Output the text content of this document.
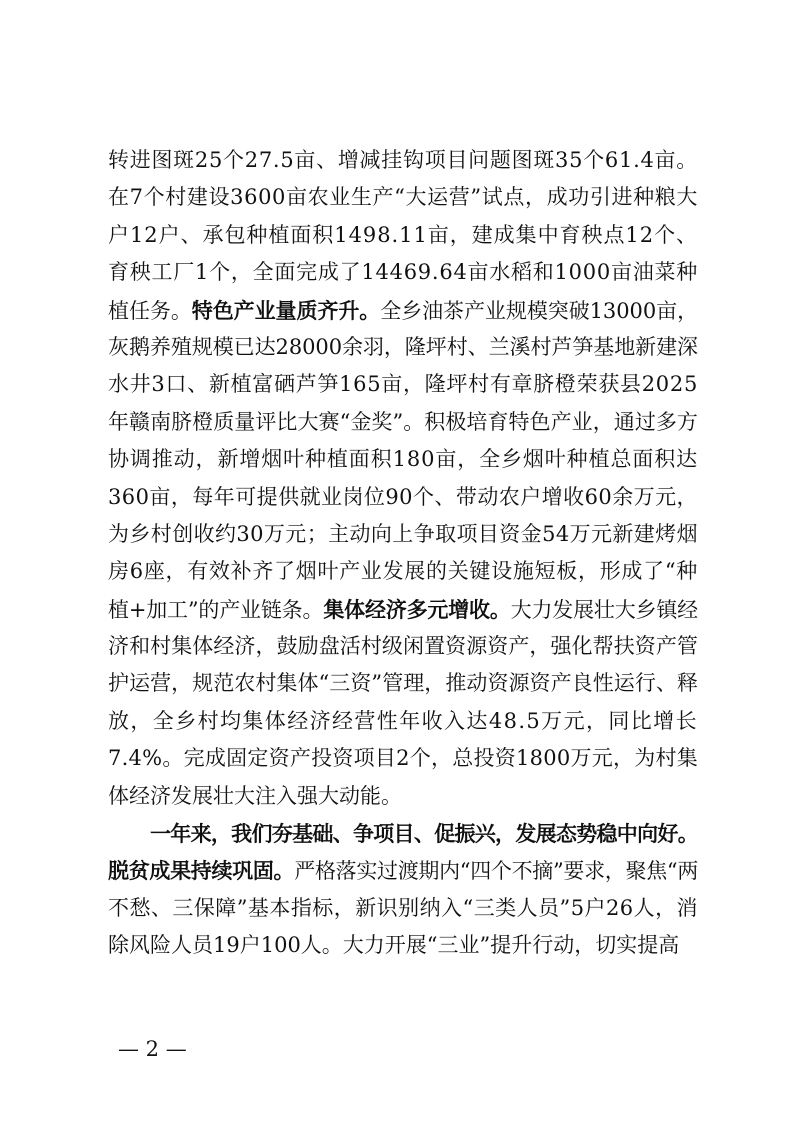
转进图斑25个27.5亩、增减挂钩项目问题图斑35个61.4亩。
在7个村建设3600亩农业生产“大运营”试点，成功引进种粮大
户12户、承包种植面积1498.11亩，建成集中育秧点12个、
育秧工厂1个，全面完成了14469.64亩水稻和1000亩油菜种
植任务。特色产业量质齐升。全乡油茶产业规模突破13000亩，
灰鹅养殖规模已达28000余羽，隆坪村、兰溪村芦笋基地新建深
水井3口、新植富硒芦笋165亩，隆坪村有章脐橙荣获县2025
年赣南脐橙质量评比大赛“金奖”。积极培育特色产业，通过多方
协调推动，新增烟叶种植面积180亩，全乡烟叶种植总面积达
360亩，每年可提供就业岗位90个、带动农户增收60余万元，
为乡村创收约30万元；主动向上争取项目资金54万元新建烤烟
房6座，有效补齐了烟叶产业发展的关键设施短板，形成了“种
植+加工”的产业链条。集体经济多元增收。大力发展壮大乡镇经
济和村集体经济，鼓励盘活村级闲置资源资产，强化帮扶资产管
护运营，规范农村集体“三资”管理，推动资源资产良性运行、释
放，全乡村均集体经济经营性年收入达48.5万元，同比增长
7.4%。完成固定资产投资项目2个，总投资1800万元，为村集
体经济发展壮大注入强大动能。
一年来，我们夯基础、争项目、促振兴，发展态势稳中向好。
脱贫成果持续巩固。严格落实过渡期内“四个不摘”要求，聚焦“两
不愁、三保障”基本指标，新识别纳入“三类人员”5户26人，消
除风险人员19户100人。大力开展“三业”提升行动，切实提高
— 2 —
